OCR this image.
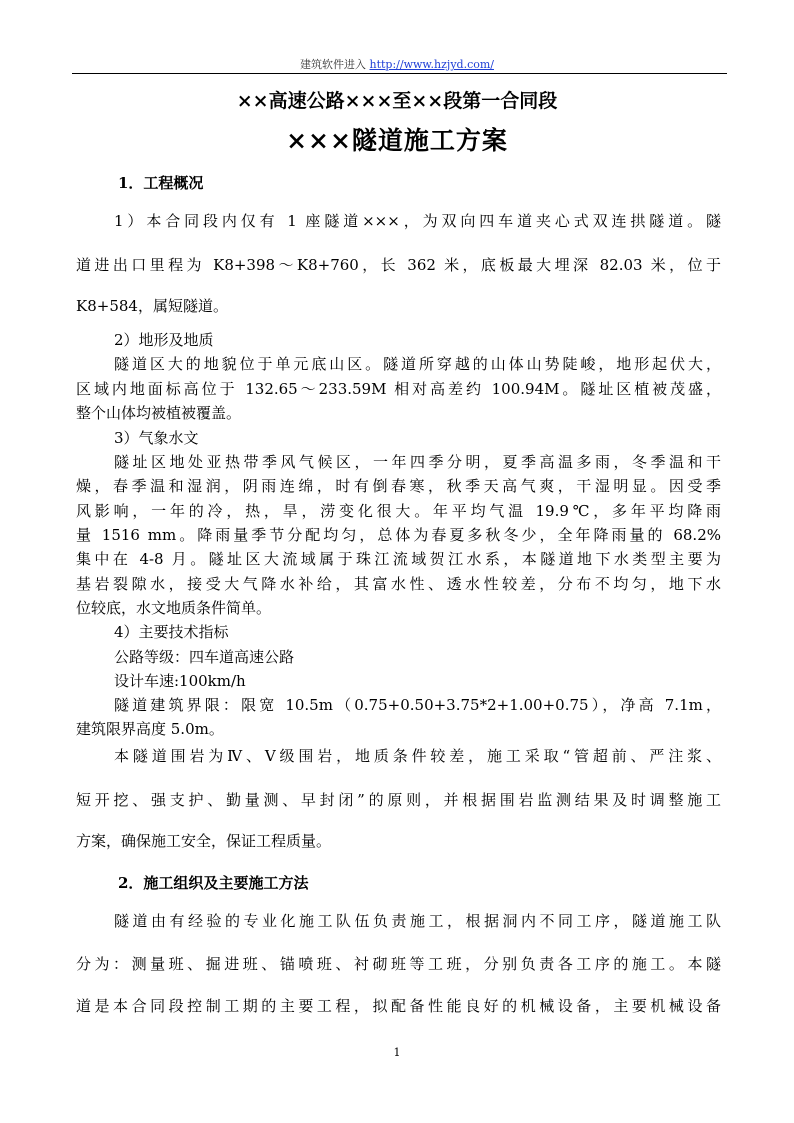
建筑软件进入 http://www.hzjyd.com/
××高速公路×××至××段第一合同段
×××隧道施工方案
1．工程概况
1）本合同段内仅有 1 座隧道×××，为双向四车道夹心式双连拱隧道。隧
道进出口里程为 K8+398～K8+760，长 362 米，底板最大埋深 82.03 米，位于
K8+584，属短隧道。
2）地形及地质
隧道区大的地貌位于单元底山区。隧道所穿越的山体山势陡峻，地形起伏大，
区域内地面标高位于 132.65～233.59M 相对高差约 100.94M。隧址区植被茂盛，
整个山体均被植被覆盖。
3）气象水文
隧址区地处亚热带季风气候区，一年四季分明，夏季高温多雨，冬季温和干
燥，春季温和湿润，阴雨连绵，时有倒春寒，秋季天高气爽，干湿明显。因受季
风影响，一年的冷，热，旱，涝变化很大。年平均气温 19.9℃，多年平均降雨
量 1516 mm。降雨量季节分配均匀，总体为春夏多秋冬少，全年降雨量的 68.2%
集中在 4-8 月。隧址区大流域属于珠江流域贺江水系，本隧道地下水类型主要为
基岩裂隙水，接受大气降水补给，其富水性、透水性较差，分布不均匀，地下水
位较底，水文地质条件简单。
4）主要技术指标
公路等级：四车道高速公路
设计车速:100km/h
隧道建筑界限：限宽 10.5m（0.75+0.50+3.75*2+1.00+0.75），净高 7.1m，
建筑限界高度 5.0m。
本隧道围岩为Ⅳ、Ⅴ级围岩，地质条件较差，施工采取“管超前、严注浆、
短开挖、强支护、勤量测、早封闭”的原则，并根据围岩监测结果及时调整施工
方案，确保施工安全，保证工程质量。
2．施工组织及主要施工方法
隧道由有经验的专业化施工队伍负责施工，根据洞内不同工序，隧道施工队
分为：测量班、掘进班、锚喷班、衬砌班等工班，分别负责各工序的施工。本隧
道是本合同段控制工期的主要工程，拟配备性能良好的机械设备，主要机械设备
1
